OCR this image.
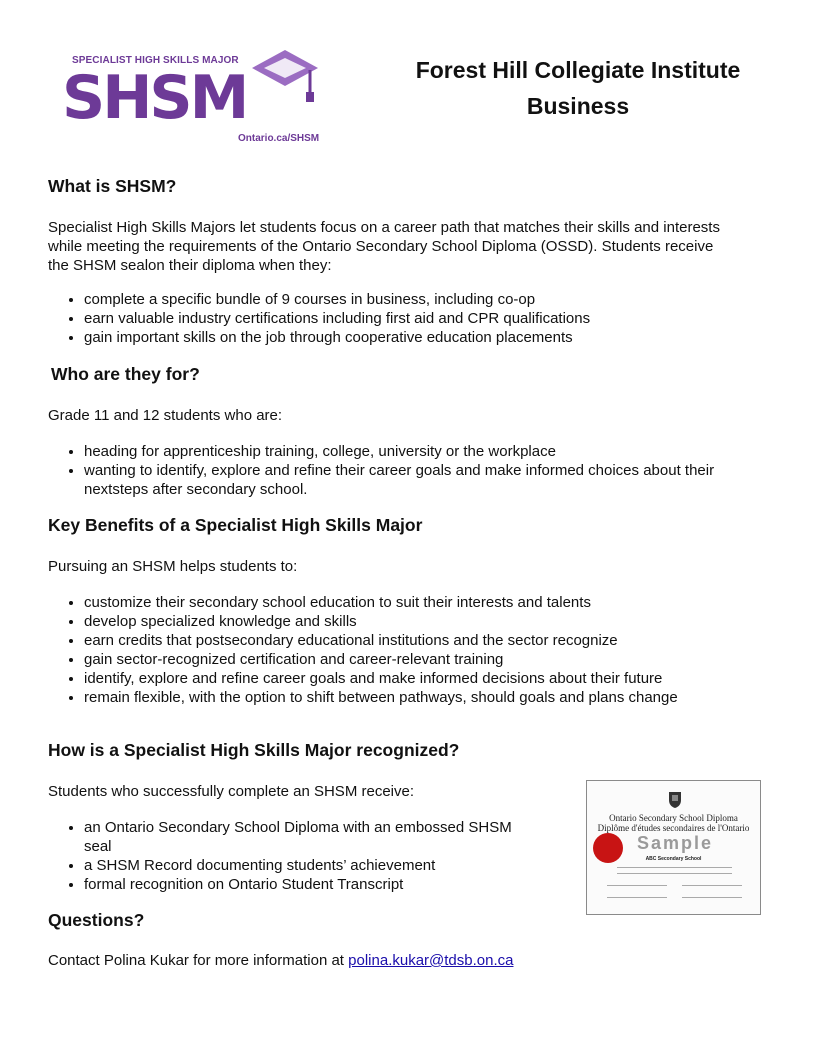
SPECIALIST HIGH SKILLS MAJOR
SHSM
Ontario.ca/SHSM
Forest Hill Collegiate Institute
Business
What is SHSM?

Specialist High Skills Majors let students focus on a career path that matches their skills and interests while meeting the requirements of the Ontario Secondary School Diploma (OSSD). Students receive the SHSM sealon their diploma when they:

• complete a specific bundle of 9 courses in business, including co-op
• earn valuable industry certifications including first aid and CPR qualifications
• gain important skills on the job through cooperative education placements
Who are they for?

Grade 11 and 12 students who are:

• heading for apprenticeship training, college, university or the workplace
• wanting to identify, explore and refine their career goals and make informed choices about their nextsteps after secondary school.
Key Benefits of a Specialist High Skills Major

Pursuing an SHSM helps students to:

• customize their secondary school education to suit their interests and talents
• develop specialized knowledge and skills
• earn credits that postsecondary educational institutions and the sector recognize
• gain sector-recognized certification and career-relevant training
• identify, explore and refine career goals and make informed decisions about their future
• remain flexible, with the option to shift between pathways, should goals and plans change
How is a Specialist High Skills Major recognized?

Students who successfully complete an SHSM receive:

• an Ontario Secondary School Diploma with an embossed SHSM seal
• a SHSM Record documenting students’ achievement
• formal recognition on Ontario Student Transcript
Questions?

Contact Polina Kukar for more information at polina.kukar@tdsb.on.ca

Ontario Secondary School Diploma
Diplôme d'études secondaires de l'Ontario
Sample
ABC Secondary School
